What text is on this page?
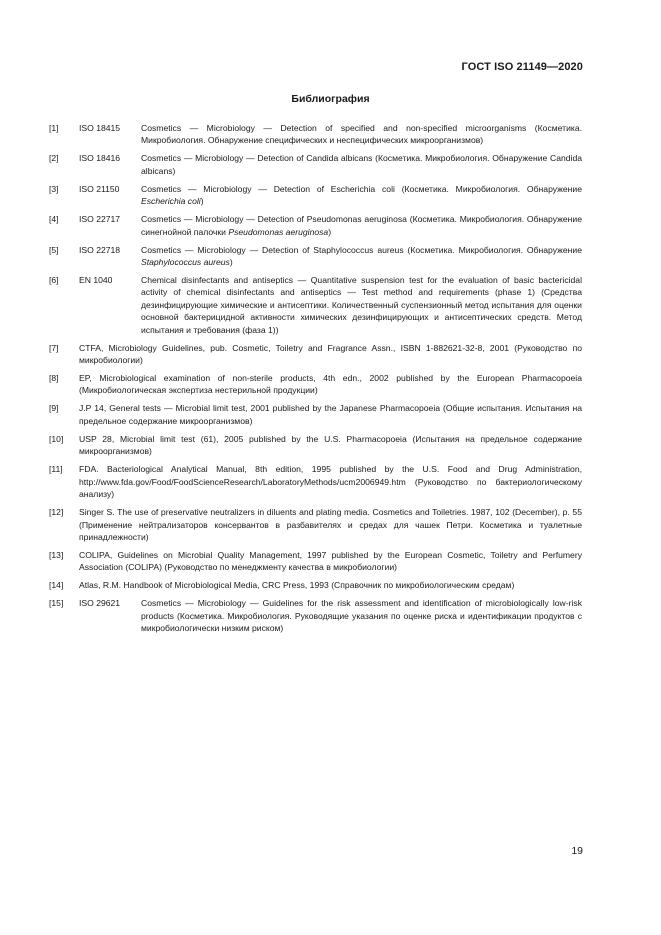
ГОСТ ISO 21149—2020
Библиография
[1]	ISO 18415	Cosmetics — Microbiology — Detection of specified and non-specified microorganisms (Косметика. Микробиология. Обнаружение специфических и неспецифических микроорганизмов)
[2]	ISO 18416	Cosmetics — Microbiology — Detection of Candida albicans (Косметика. Микробиология. Обнаружение Candida albicans)
[3]	ISO 21150	Cosmetics — Microbiology — Detection of Escherichia coli (Косметика. Микробиология. Обнаружение Escherichia coli)
[4]	ISO 22717	Cosmetics — Microbiology — Detection of Pseudomonas aeruginosa (Косметика. Микробиология. Обнаружение синегнойной палочки Pseudomonas aeruginosa)
[5]	ISO 22718	Cosmetics — Microbiology — Detection of Staphylococcus aureus (Косметика. Микробиология. Обнаружение Staphylococcus aureus)
[6]	EN 1040	Chemical disinfectants and antiseptics — Quantitative suspension test for the evaluation of basic bactericidal activity of chemical disinfectants and antiseptics — Test method and requirements (phase 1) (Средства дезинфицирующие химические и антисептики. Количественный суспензионный метод испытания для оценки основной бактерицидной активности химических дезинфицирующих и антисептических средств. Метод испытания и требования (фаза 1))
[7]	CTFA, Microbiology Guidelines, pub. Cosmetic, Toiletry and Fragrance Assn., ISBN 1-882621-32-8, 2001 (Руководство по микробиологии)
[8]	EP, Microbiological examination of non-sterile products, 4th edn., 2002 published by the European Pharmacopoeia (Микробиологическая экспертиза нестерильной продукции)
[9]	J.P 14, General tests — Microbial limit test, 2001 published by the Japanese Pharmacopoeia (Общие испытания. Испытания на предельное содержание микроорганизмов)
[10]	USP 28, Microbial limit test (61), 2005 published by the U.S. Pharmacopoeia (Испытания на предельное содержание микроорганизмов)
[11]	FDA. Bacteriological Analytical Manual, 8th edition, 1995 published by the U.S. Food and Drug Administration, http://www.fda.gov/Food/FoodScienceResearch/LaboratoryMethods/ucm2006949.htm (Руководство по бактериологическому анализу)
[12]	Singer S. The use of preservative neutralizers in diluents and plating media. Cosmetics and Toiletries. 1987, 102 (December), p. 55 (Применение нейтрализаторов консервантов в разбавителях и средах для чашек Петри. Косметика и туалетные принадлежности)
[13]	COLIPA, Guidelines on Microbial Quality Management, 1997 published by the European Cosmetic, Toiletry and Perfumery Association (COLIPA) (Руководство по менеджменту качества в микробиологии)
[14]	Atlas, R.M. Handbook of Microbiological Media, CRC Press, 1993 (Справочник по микробиологическим средам)
[15]	ISO 29621	Cosmetics — Microbiology — Guidelines for the risk assessment and identification of microbiologically low-risk products (Косметика. Микробиология. Руководящие указания по оценке риска и идентификации продуктов с микробиологически низким риском)
19
